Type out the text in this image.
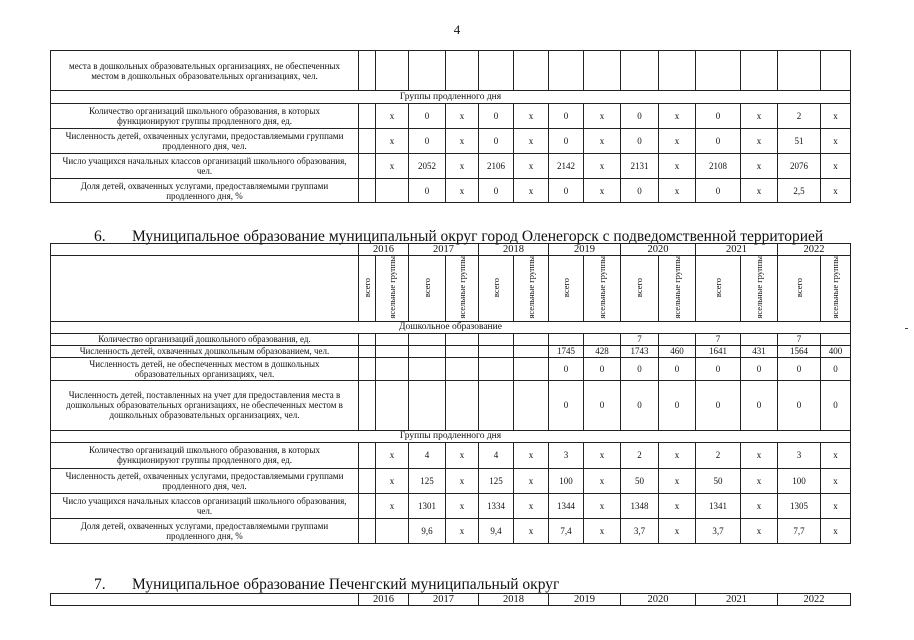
4
места в дошкольных образовательных организациях, не обеспеченных местом в дошкольных образовательных организациях, чел.														
Группы продленного дня														
Количество организаций школьного образования, в которых функционируют группы продленного дня, ед.		x	0	x	0	x	0	x	0	x	0	x	2	x
Численность детей, охваченных услугами, предоставляемыми группами продленного дня, чел.		x	0	x	0	x	0	x	0	x	0	x	51	x
Число учащихся начальных классов организаций школьного образования, чел.		x	2052	x	2106	x	2142	x	2131	x	2108	x	2076	x
Доля детей, охваченных услугами, предоставляемыми группами продленного дня, %			0	x	0	x	0	x	0	x	0	x	2,5	x
6. Муниципальное образование муниципальный округ город Оленегорск с подведомственной территорией
	2016		2017		2018		2019		2020		2021		2022	
	всего	ясельные группы	всего	ясельные группы	всего	ясельные группы	всего	ясельные группы	всего	ясельные группы	всего	ясельные группы	всего	ясельные группы
Дошкольное образование														
Количество организаций дошкольного образования, ед.									7		7		7	
Численность детей, охваченных дошкольным образованием, чел.							1745	428	1743	460	1641	431	1564	400
Численность детей, не обеспеченных местом в дошкольных образовательных организациях, чел.							0	0	0	0	0	0	0	0
Численность детей, поставленных на учет для предоставления места в дошкольных образовательных организациях, не обеспеченных местом в дошкольных образовательных организациях, чел.							0	0	0	0	0	0	0	0
Группы продленного дня														
Количество организаций школьного образования, в которых функционируют группы продленного дня, ед.		x	4	x	4	x	3	x	2	x	2	x	3	x
Численность детей, охваченных услугами, предоставляемыми группами продленного дня, чел.		x	125	x	125	x	100	x	50	x	50	x	100	x
Число учащихся начальных классов организаций школьного образования, чел.		x	1301	x	1334	x	1344	x	1348	x	1341	x	1305	x
Доля детей, охваченных услугами, предоставляемыми группами продленного дня, %			9,6	x	9,4	x	7,4	x	3,7	x	3,7	x	7,7	x
7. Муниципальное образование Печенгский муниципальный округ
	2016	2017	2018	2019	2020	2021	2022
